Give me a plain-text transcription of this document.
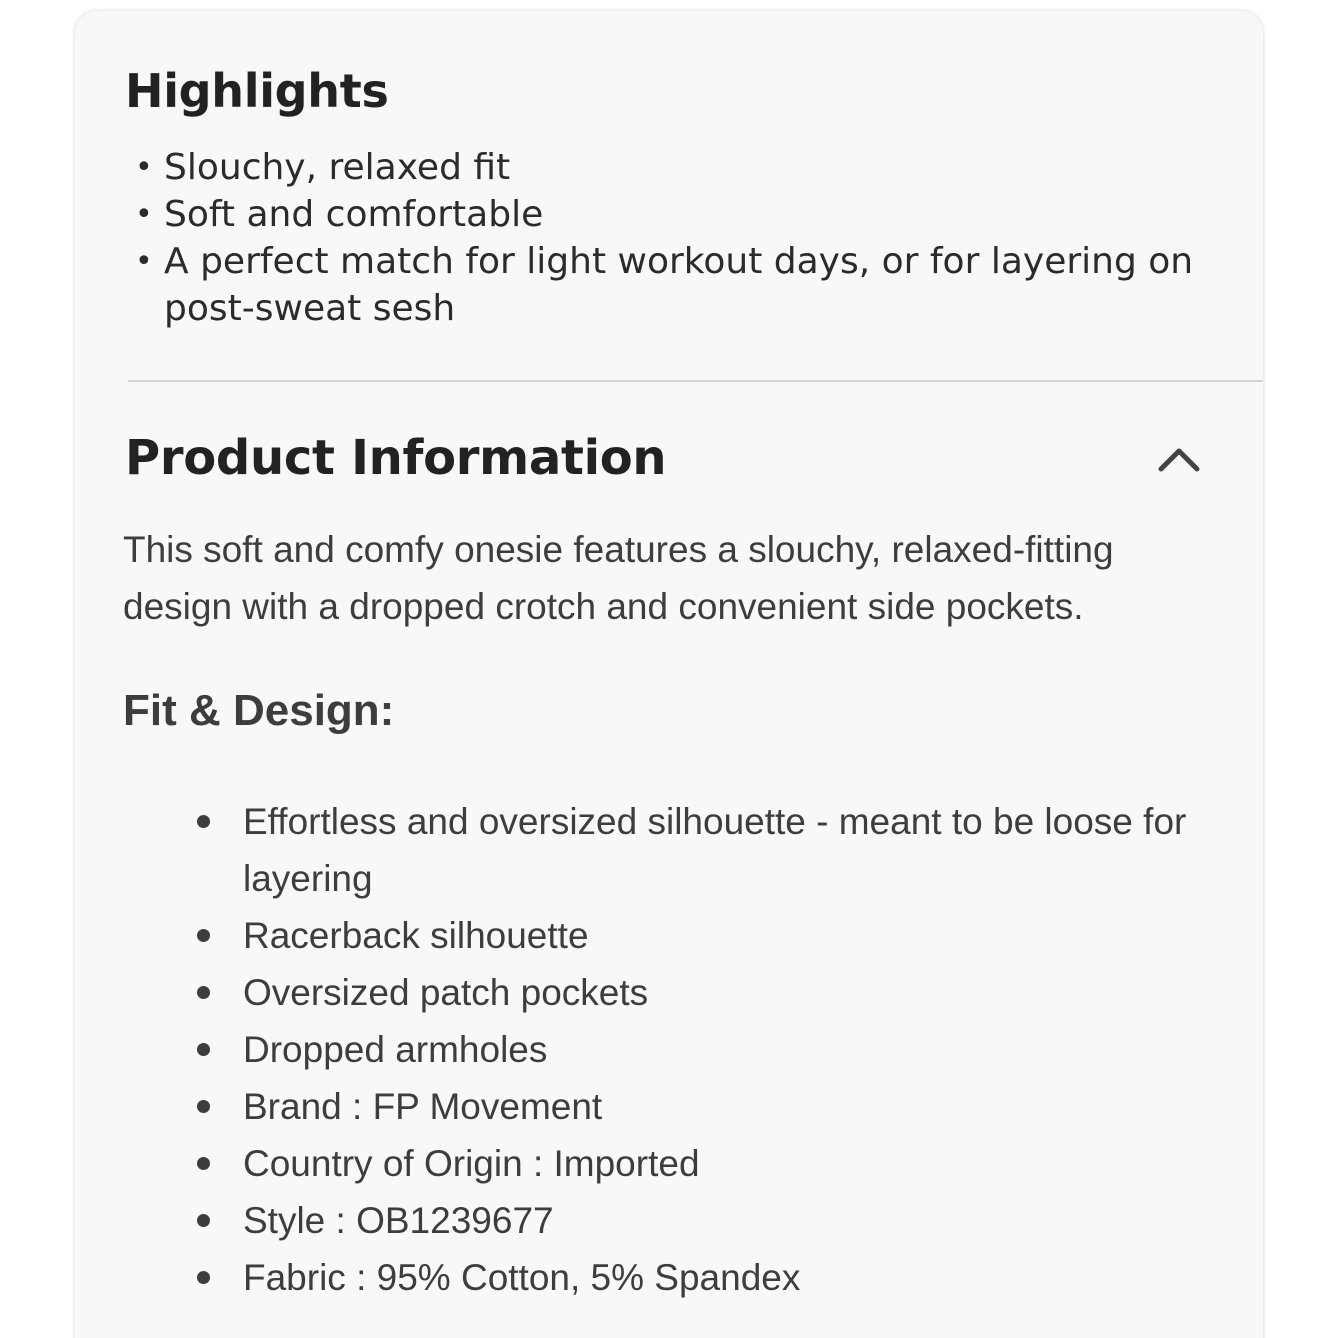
Highlights
• Slouchy, relaxed fit
• Soft and comfortable
• A perfect match for light workout days, or for layering on post-sweat sesh
Product Information

This soft and comfy onesie features a slouchy, relaxed-fitting design with a dropped crotch and convenient side pockets.

Fit & Design:
Effortless and oversized silhouette - meant to be loose for layering
Racerback silhouette
Oversized patch pockets
Dropped armholes
Brand : FP Movement
Country of Origin : Imported
Style : OB1239677
Fabric : 95% Cotton, 5% Spandex
